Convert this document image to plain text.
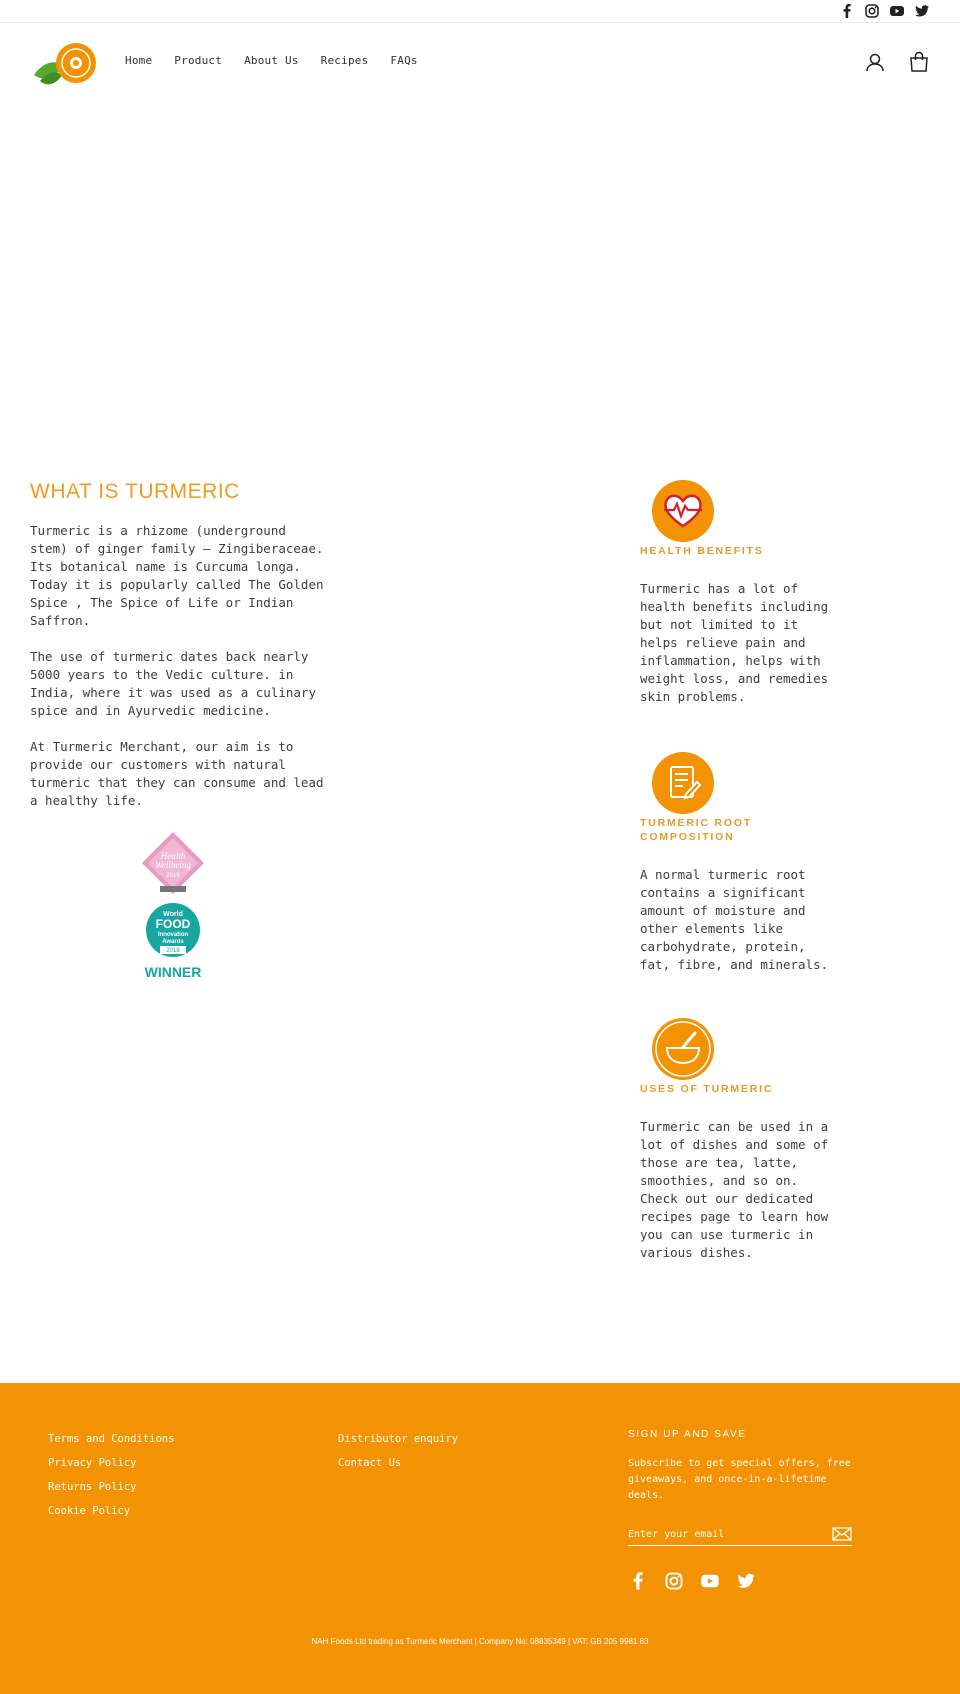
Home Product About Us Recipes FAQs
WHAT IS TURMERIC

Turmeric is a rhizome (underground stem) of ginger family – Zingiberaceae. Its botanical name is Curcuma longa. Today it is popularly called The Golden Spice , The Spice of Life or Indian Saffron.

The use of turmeric dates back nearly 5000 years to the Vedic culture. in India, where it was used as a culinary spice and in Ayurvedic medicine.

At Turmeric Merchant, our aim is to provide our customers with natural turmeric that they can consume and lead a healthy life.

Health
Wellbeing
2019
World
FOOD
Innovation
Awards
2018
WINNER
HEALTH BENEFITS

Turmeric has a lot of health benefits including but not limited to it helps relieve pain and inflammation, helps with weight loss, and remedies skin problems.

TURMERIC ROOT COMPOSITION

A normal turmeric root contains a significant amount of moisture and other elements like carbohydrate, protein, fat, fibre, and minerals.

USES OF TURMERIC

Turmeric can be used in a lot of dishes and some of those are tea, latte, smoothies, and so on. Check out our dedicated recipes page to learn how you can use turmeric in various dishes.

Terms and Conditions
Privacy Policy
Returns Policy
Cookie Policy
Distributor enquiry
Contact Us
SIGN UP AND SAVE

Subscribe to get special offers, free giveaways, and once-in-a-lifetime deals.

Enter your email
NAH Foods Ltd trading as Turmeric Merchant | Company No: 08835349 | VAT: GB 205 9981 83
